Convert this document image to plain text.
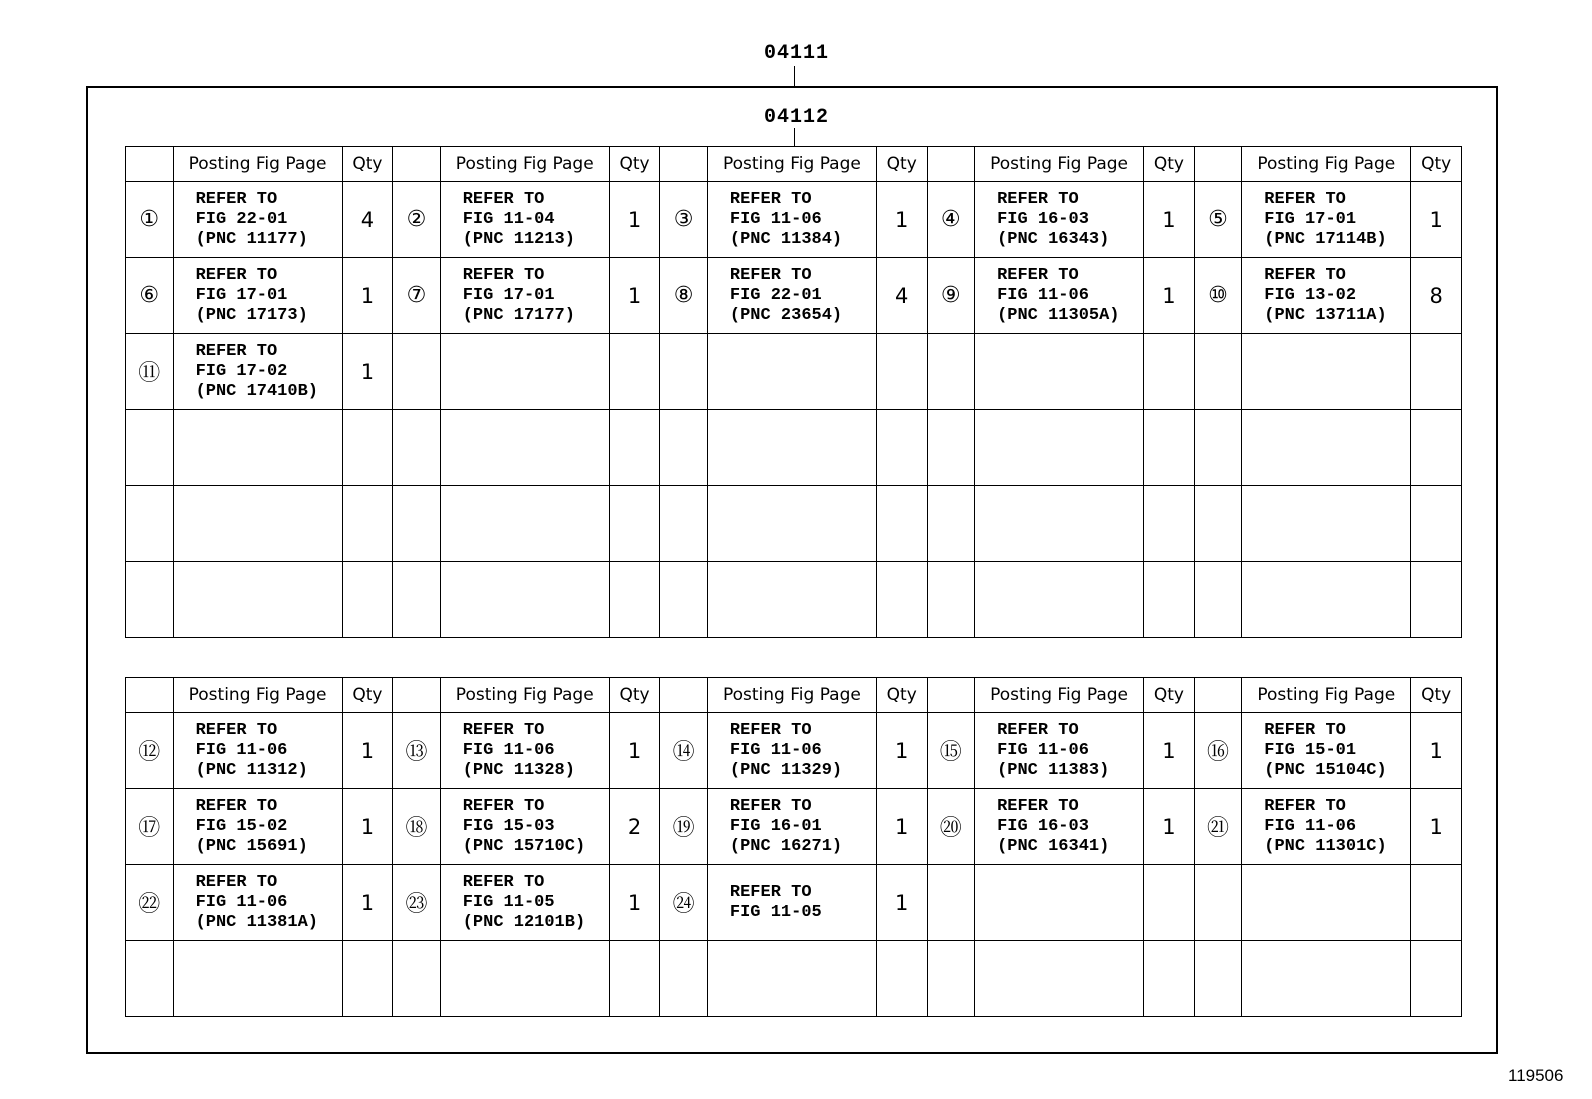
04111
04112
	Posting Fig Page	Qty		Posting Fig Page	Qty		Posting Fig Page	Qty		Posting Fig Page	Qty		Posting Fig Page	Qty
①	REFER TO
FIG 22-01
(PNC 11177)	4	②	REFER TO
FIG 11-04
(PNC 11213)	1	③	REFER TO
FIG 11-06
(PNC 11384)	1	④	REFER TO
FIG 16-03
(PNC 16343)	1	⑤	REFER TO
FIG 17-01
(PNC 17114B)	1
⑥	REFER TO
FIG 17-01
(PNC 17173)	1	⑦	REFER TO
FIG 17-01
(PNC 17177)	1	⑧	REFER TO
FIG 22-01
(PNC 23654)	4	⑨	REFER TO
FIG 11-06
(PNC 11305A)	1	⑩	REFER TO
FIG 13-02
(PNC 13711A)	8
⑪	REFER TO
FIG 17-02
(PNC 17410B)	1												

	Posting Fig Page	Qty		Posting Fig Page	Qty		Posting Fig Page	Qty		Posting Fig Page	Qty		Posting Fig Page	Qty
⑫	REFER TO
FIG 11-06
(PNC 11312)	1	⑬	REFER TO
FIG 11-06
(PNC 11328)	1	⑭	REFER TO
FIG 11-06
(PNC 11329)	1	⑮	REFER TO
FIG 11-06
(PNC 11383)	1	⑯	REFER TO
FIG 15-01
(PNC 15104C)	1
⑰	REFER TO
FIG 15-02
(PNC 15691)	1	⑱	REFER TO
FIG 15-03
(PNC 15710C)	2	⑲	REFER TO
FIG 16-01
(PNC 16271)	1	⑳	REFER TO
FIG 16-03
(PNC 16341)	1	㉑	REFER TO
FIG 11-06
(PNC 11301C)	1
㉒	REFER TO
FIG 11-06
(PNC 11381A)	1	㉓	REFER TO
FIG 11-05
(PNC 12101B)	1	㉔	REFER TO
FIG 11-05	1						

119506
